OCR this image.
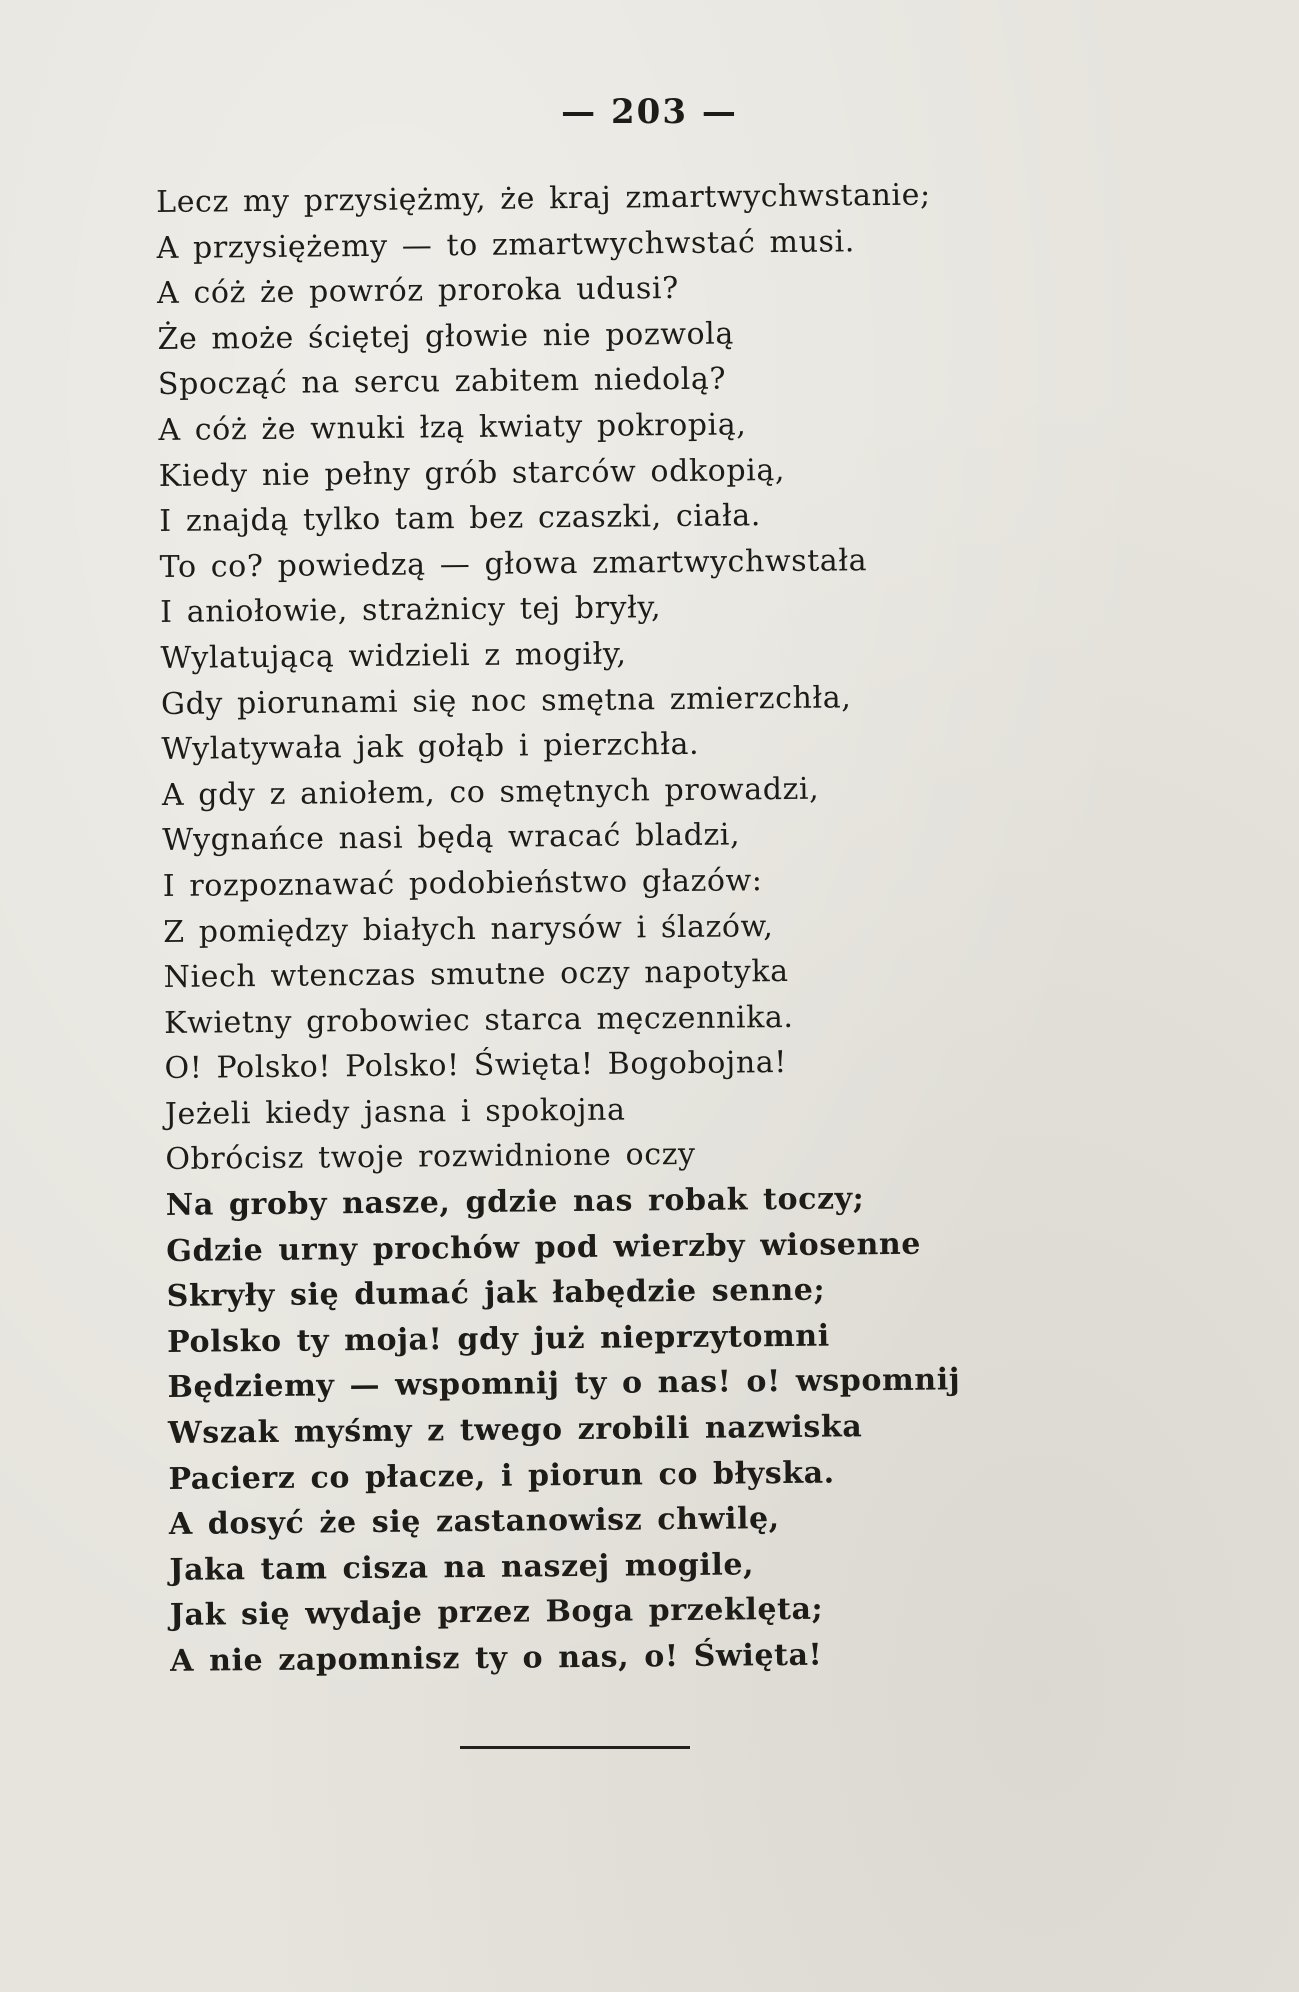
— 203 —
Lecz my przysiężmy, że kraj zmartwychwstanie;
A przysiężemy — to zmartwychwstać musi.
A cóż że powróz proroka udusi?
Że może ściętej głowie nie pozwolą
Spocząć na sercu zabitem niedolą?
A cóż że wnuki łzą kwiaty pokropią,
Kiedy nie pełny grób starców odkopią,
I znajdą tylko tam bez czaszki, ciała.
To co? powiedzą — głowa zmartwychwstała
I aniołowie, strażnicy tej bryły,
Wylatującą widzieli z mogiły,
Gdy piorunami się noc smętna zmierzchła,
Wylatywała jak gołąb i pierzchła.
A gdy z aniołem, co smętnych prowadzi,
Wygnańce nasi będą wracać bladzi,
I rozpoznawać podobieństwo głazów:
Z pomiędzy białych narysów i ślazów,
Niech wtenczas smutne oczy napotyka
Kwietny grobowiec starca męczennika.
O! Polsko! Polsko! Święta! Bogobojna!
Jeżeli kiedy jasna i spokojna
Obrócisz twoje rozwidnione oczy
Na groby nasze, gdzie nas robak toczy;
Gdzie urny prochów pod wierzby wiosenne
Skryły się dumać jak łabędzie senne;
Polsko ty moja! gdy już nieprzytomni
Będziemy — wspomnij ty o nas! o! wspomnij
Wszak myśmy z twego zrobili nazwiska
Pacierz co płacze, i piorun co błyska.
A dosyć że się zastanowisz chwilę,
Jaka tam cisza na naszej mogile,
Jak się wydaje przez Boga przeklęta;
A nie zapomnisz ty o nas, o! Święta!
